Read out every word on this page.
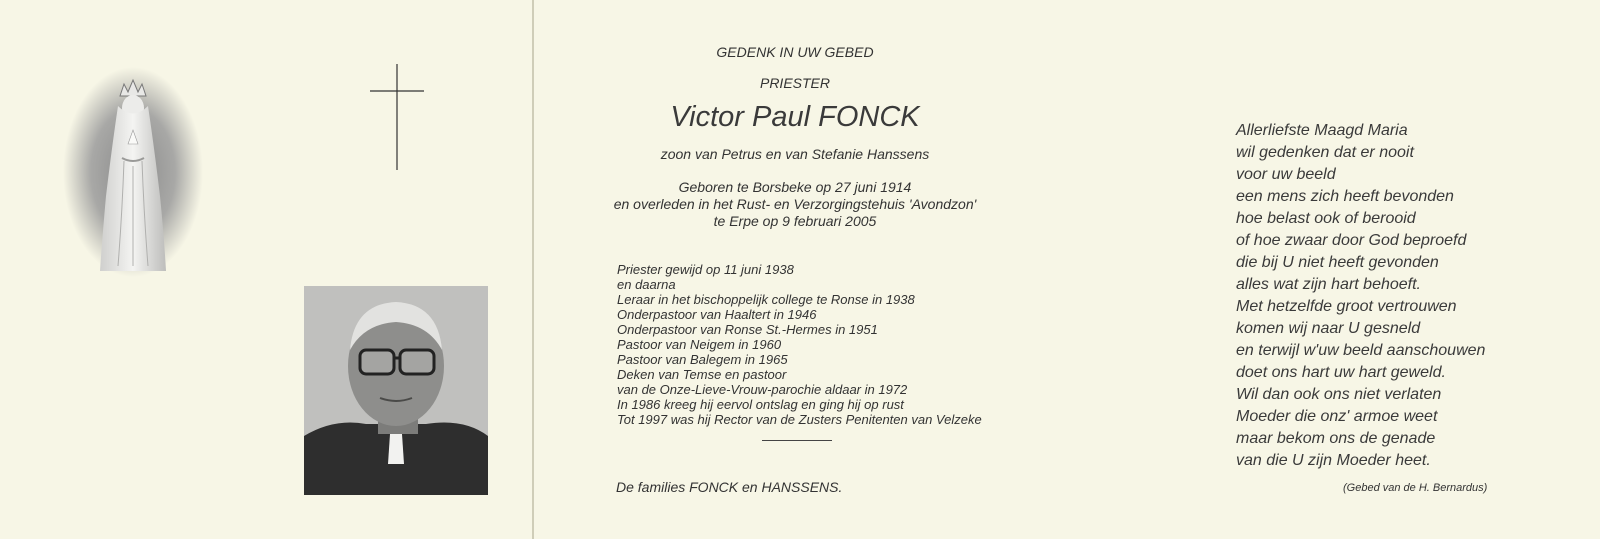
GEDENK IN UW GEBED
PRIESTER
Victor Paul FONCK
zoon van Petrus en van Stefanie Hanssens
Geboren te Borsbeke op 27 juni 1914
en overleden in het Rust- en Verzorgingstehuis 'Avondzon'
te Erpe op 9 februari 2005
Priester gewijd op 11 juni 1938
en daarna
Leraar in het bischoppelijk college te Ronse in 1938
Onderpastoor van Haaltert in 1946
Onderpastoor van Ronse St.-Hermes in 1951
Pastoor van Neigem in 1960
Pastoor van Balegem in 1965
Deken van Temse en pastoor
van de Onze-Lieve-Vrouw-parochie aldaar in 1972
In 1986 kreeg hij eervol ontslag en ging hij op rust
Tot 1997 was hij Rector van de Zusters Penitenten van Velzeke
De families FONCK en HANSSENS.
Allerliefste Maagd Maria
wil gedenken dat er nooit
voor uw beeld
een mens zich heeft bevonden
hoe belast ook of berooid
of hoe zwaar door God beproefd
die bij U niet heeft gevonden
alles wat zijn hart behoeft.
Met hetzelfde groot vertrouwen
komen wij naar U gesneld
en terwijl w'uw beeld aanschouwen
doet ons hart uw hart geweld.
Wil dan ook ons niet verlaten
Moeder die onz' armoe weet
maar bekom ons de genade
van die U zijn Moeder heet.
(Gebed van de H. Bernardus)
